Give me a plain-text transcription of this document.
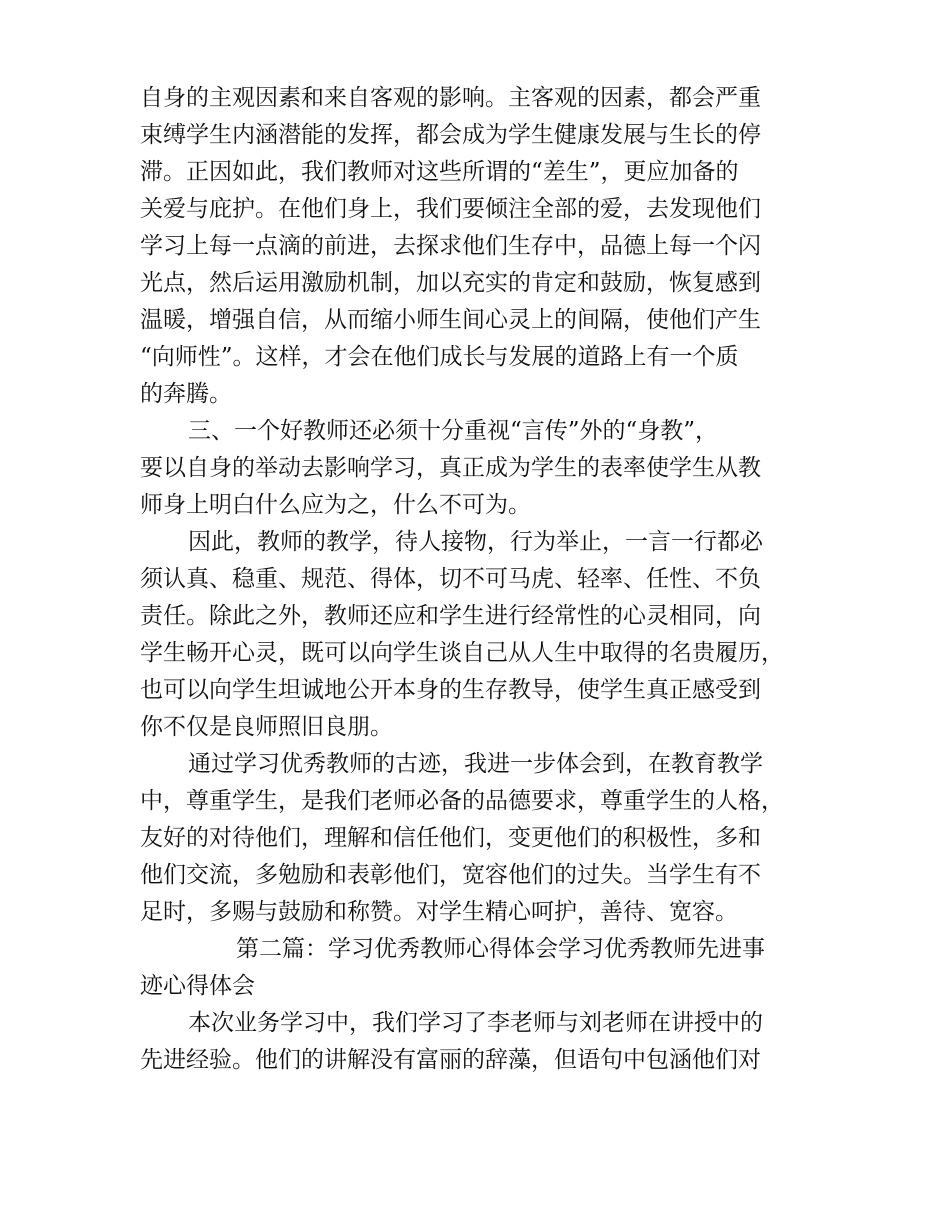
自身的主观因素和来自客观的影响。主客观的因素，都会严重
束缚学生内涵潜能的发挥，都会成为学生健康发展与生长的停
滞。正因如此，我们教师对这些所谓的“差生”，更应加备的
关爱与庇护。在他们身上，我们要倾注全部的爱，去发现他们
学习上每一点滴的前进，去探求他们生存中，品德上每一个闪
光点，然后运用激励机制，加以充实的肯定和鼓励，恢复感到
温暖，增强自信，从而缩小师生间心灵上的间隔，使他们产生
“向师性”。这样，才会在他们成长与发展的道路上有一个质
的奔腾。
三、一个好教师还必须十分重视“言传”外的“身教”，
要以自身的举动去影响学习，真正成为学生的表率使学生从教
师身上明白什么应为之，什么不可为。
因此，教师的教学，待人接物，行为举止，一言一行都必
须认真、稳重、规范、得体，切不可马虎、轻率、任性、不负
责任。除此之外，教师还应和学生进行经常性的心灵相同，向
学生畅开心灵，既可以向学生谈自己从人生中取得的名贵履历，
也可以向学生坦诚地公开本身的生存教导，使学生真正感受到
你不仅是良师照旧良朋。
通过学习优秀教师的古迹，我进一步体会到，在教育教学
中，尊重学生，是我们老师必备的品德要求，尊重学生的人格，
友好的对待他们，理解和信任他们，变更他们的积极性，多和
他们交流，多勉励和表彰他们，宽容他们的过失。当学生有不
足时，多赐与鼓励和称赞。对学生精心呵护，善待、宽容。
第二篇：学习优秀教师心得体会学习优秀教师先进事
迹心得体会
本次业务学习中，我们学习了李老师与刘老师在讲授中的
先进经验。他们的讲解没有富丽的辞藻，但语句中包涵他们对
